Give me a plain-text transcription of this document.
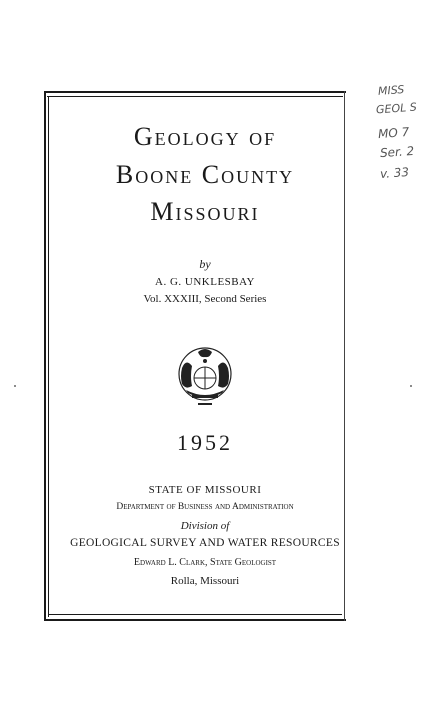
Geology of
Boone County
Missouri
by
A. G. UNKLESBAY
Vol. XXXIII, Second Series
1952
STATE OF MISSOURI
Department of Business and Administration
Division of
GEOLOGICAL SURVEY AND WATER RESOURCES
Edward L. Clark, State Geologist
Rolla, Missouri
MISS
GEOL S
MO 7
Ser. 2
v. 33
